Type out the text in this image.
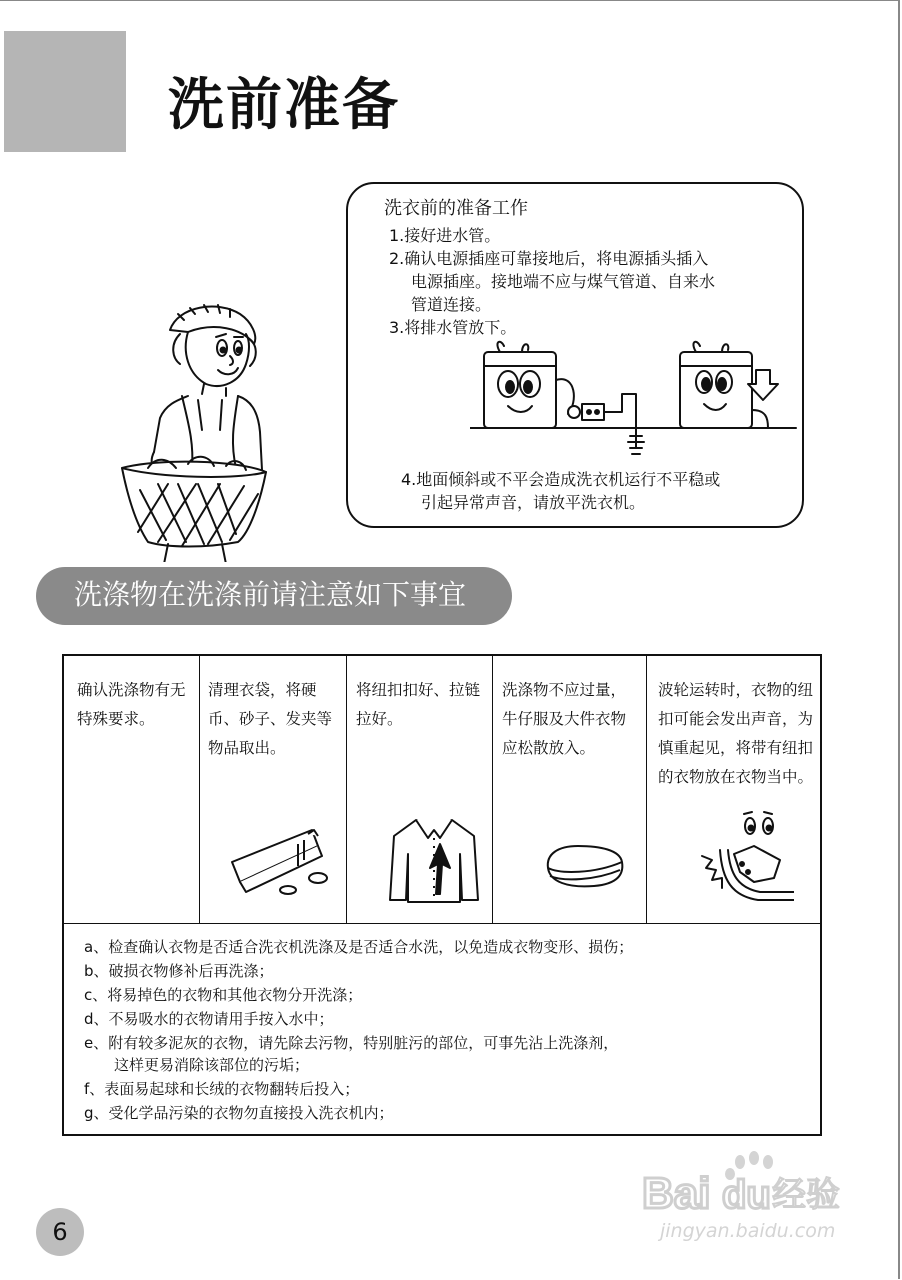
洗前准备
洗衣前的准备工作
1.接好进水管。
2.确认电源插座可靠接地后，将电源插头插入
电源插座。接地端不应与煤气管道、自来水
管道连接。
3.将排水管放下。
4.地面倾斜或不平会造成洗衣机运行不平稳或
引起异常声音，请放平洗衣机。
洗涤物在洗涤前请注意如下事宜
确认洗涤物有无特殊要求。
清理衣袋，将硬币、砂子、发夹等物品取出。
将纽扣扣好、拉链拉好。
洗涤物不应过量，牛仔服及大件衣物应松散放入。
波轮运转时，衣物的纽扣可能会发出声音，为慎重起见，将带有纽扣的衣物放在衣物当中。
a、检查确认衣物是否适合洗衣机洗涤及是否适合水洗，以免造成衣物变形、损伤；
b、破损衣物修补后再洗涤；
c、将易掉色的衣物和其他衣物分开洗涤；
d、不易吸水的衣物请用手按入水中；
e、附有较多泥灰的衣物，请先除去污物，特别脏污的部位，可事先沾上洗涤剂，
这样更易消除该部位的污垢；
f、表面易起球和长绒的衣物翻转后投入；
g、受化学品污染的衣物勿直接投入洗衣机内；
6
Bai du 经验
jingyan.baidu.com
